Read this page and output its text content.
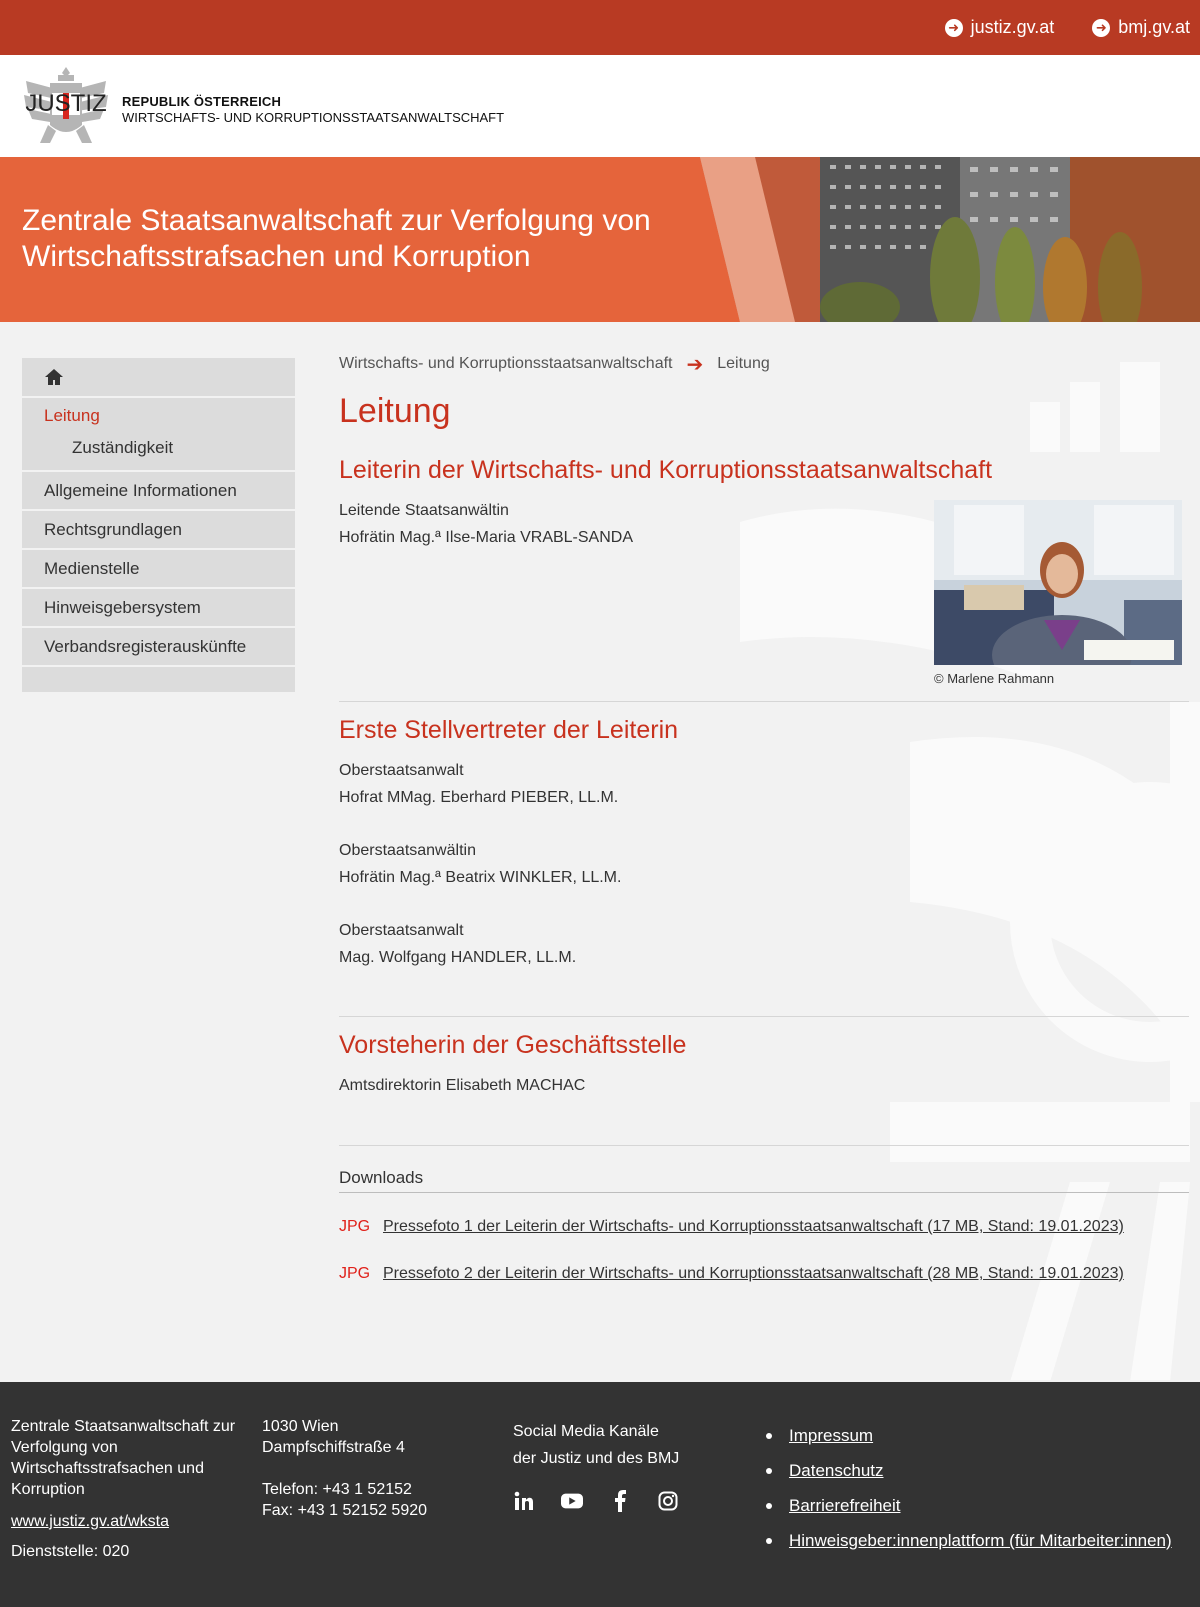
➜ justiz.gv.at	➜ bmj.gv.at
JUSTIZ REPUBLIK ÖSTERREICH
WIRTSCHAFTS- UND KORRUPTIONSSTAATSANWALTSCHAFT
Zentrale Staatsanwaltschaft zur Verfolgung von Wirtschaftsstrafsachen und Korruption
Leitung
Zuständigkeit
Allgemeine Informationen
Rechtsgrundlagen
Medienstelle
Hinweisgebersystem
Verbandsregisterauskünfte
Wirtschafts- und Korruptionsstaatsanwaltschaft ➔ Leitung
Leitung
Leiterin der Wirtschafts- und Korruptionsstaatsanwaltschaft
Leitende Staatsanwältin
Hofrätin Mag.ª Ilse-Maria VRABL-SANDA
© Marlene Rahmann
Erste Stellvertreter der Leiterin
Oberstaatsanwalt
Hofrat MMag. Eberhard PIEBER, LL.M.
Oberstaatsanwältin
Hofrätin Mag.ª Beatrix WINKLER, LL.M.
Oberstaatsanwalt
Mag. Wolfgang HANDLER, LL.M.
Vorsteherin der Geschäftsstelle
Amtsdirektorin Elisabeth MACHAC
Downloads
JPG Pressefoto 1 der Leiterin der Wirtschafts- und Korruptionsstaatsanwaltschaft (17 MB, Stand: 19.01.2023)
JPG Pressefoto 2 der Leiterin der Wirtschafts- und Korruptionsstaatsanwaltschaft (28 MB, Stand: 19.01.2023)
Zentrale Staatsanwaltschaft zur Verfolgung von Wirtschaftsstrafsachen und Korruption
www.justiz.gv.at/wksta
Dienststelle: 020
1030 Wien
Dampfschiffstraße 4
Telefon: +43 1 52152
Fax: +43 1 52152 5920
Social Media Kanäle
der Justiz und des BMJ
Impressum
Datenschutz
Barrierefreiheit
Hinweisgeber:innenplattform (für Mitarbeiter:innen)
